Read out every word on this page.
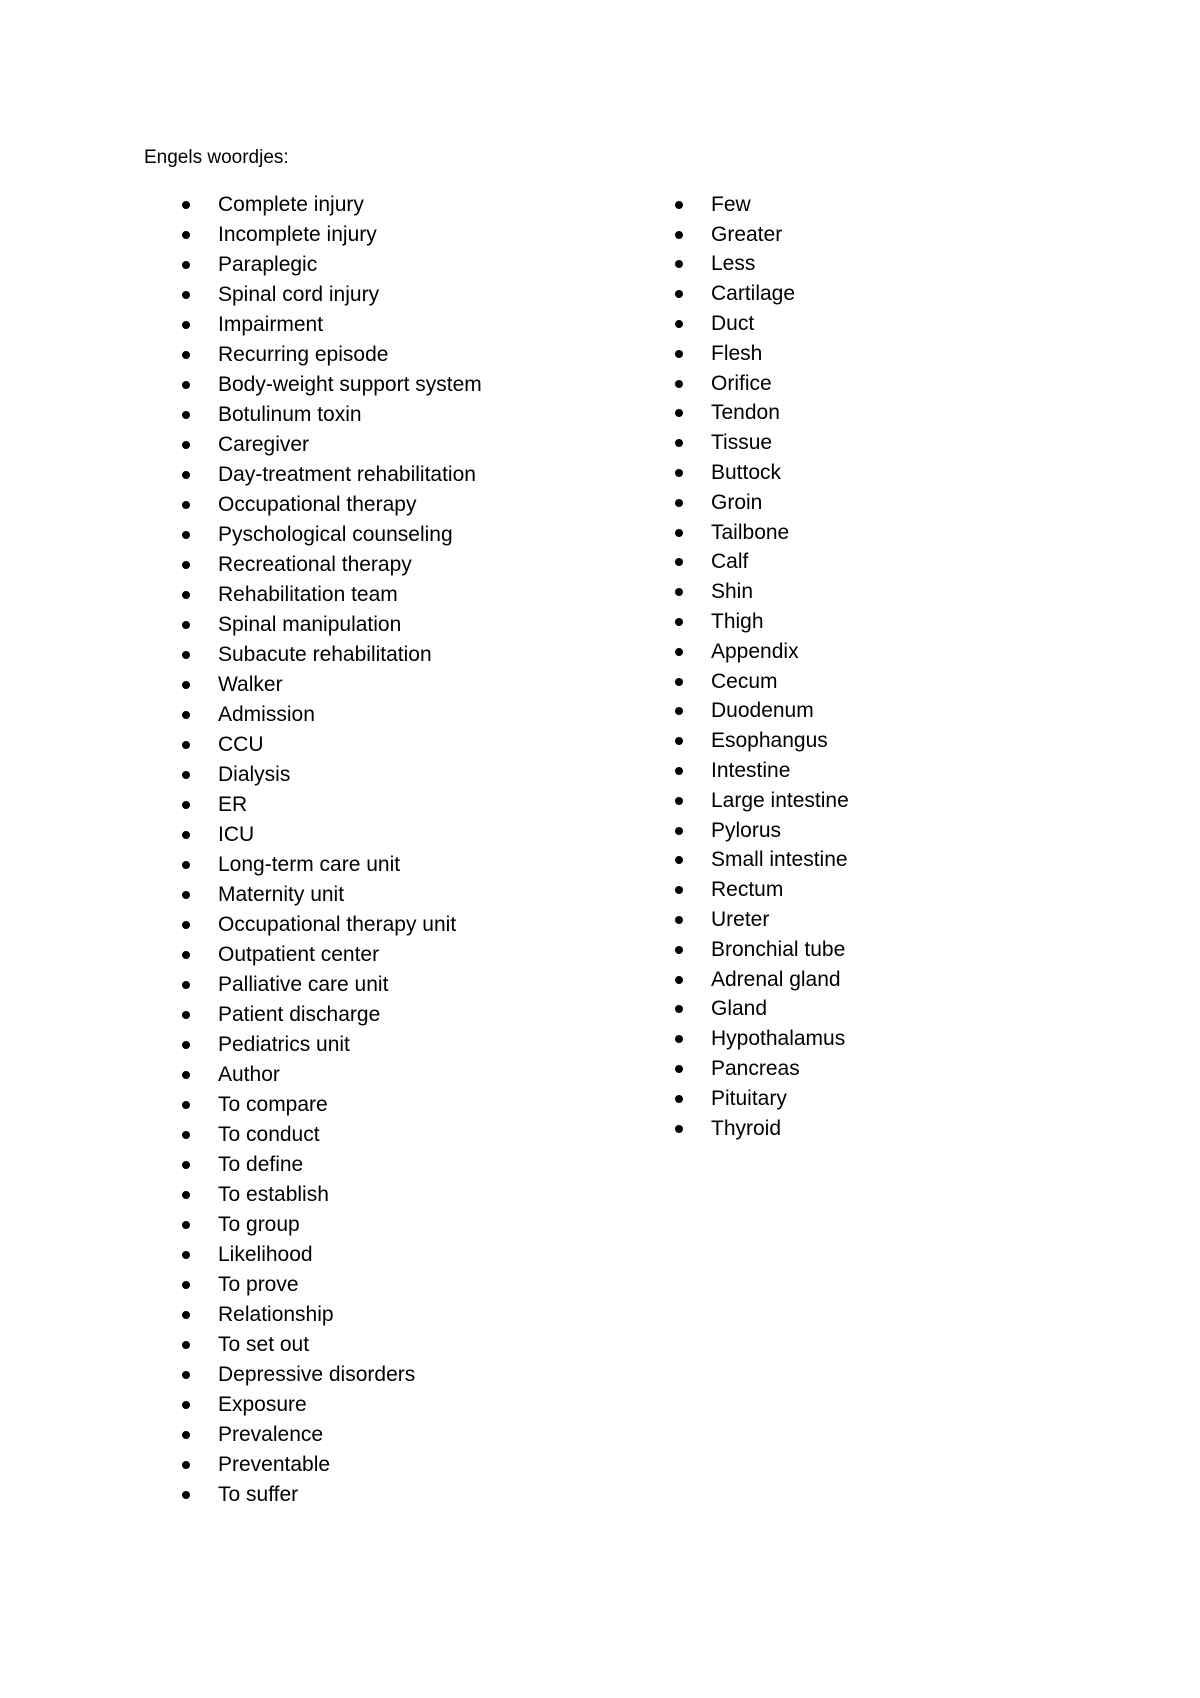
Engels woordjes:
Complete injury
Incomplete injury
Paraplegic
Spinal cord injury
Impairment
Recurring episode
Body-weight support system
Botulinum toxin
Caregiver
Day-treatment rehabilitation
Occupational therapy
Pyschological counseling
Recreational therapy
Rehabilitation team
Spinal manipulation
Subacute rehabilitation
Walker
Admission
CCU
Dialysis
ER
ICU
Long-term care unit
Maternity unit
Occupational therapy unit
Outpatient center
Palliative care unit
Patient discharge
Pediatrics unit
Author
To compare
To conduct
To define
To establish
To group
Likelihood
To prove
Relationship
To set out
Depressive disorders
Exposure
Prevalence
Preventable
To suffer
Few
Greater
Less
Cartilage
Duct
Flesh
Orifice
Tendon
Tissue
Buttock
Groin
Tailbone
Calf
Shin
Thigh
Appendix
Cecum
Duodenum
Esophangus
Intestine
Large intestine
Pylorus
Small intestine
Rectum
Ureter
Bronchial tube
Adrenal gland
Gland
Hypothalamus
Pancreas
Pituitary
Thyroid
